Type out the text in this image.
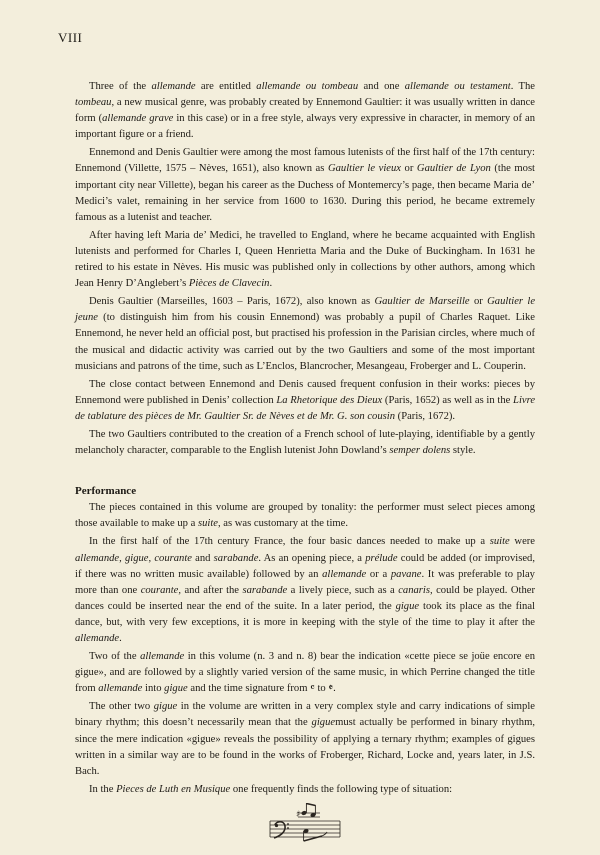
VIII

Three of the allemande are entitled allemande ou tombeau and one allemande ou testament. The tombeau, a new musical genre, was probably created by Ennemond Gaultier: it was usually written in dance form (allemande grave in this case) or in a free style, always very expressive in character, in memory of an important figure or a friend.

Ennemond and Denis Gaultier were among the most famous lutenists of the first half of the 17th century: Ennemond (Villette, 1575 – Nèves, 1651), also known as Gaultier le vieux or Gaultier de Lyon (the most important city near Villette), began his career as the Duchess of Montemercy’s page, then became Maria de’ Medici’s valet, remaining in her service from 1600 to 1630. During this period, he became extremely famous as a lutenist and teacher.

After having left Maria de’ Medici, he travelled to England, where he became acquainted with English lutenists and performed for Charles I, Queen Henrietta Maria and the Duke of Buckingham. In 1631 he retired to his estate in Nèves. His music was published only in collections by other authors, among which Jean Henry D’Anglebert’s Pièces de Clavecin.

Denis Gaultier (Marseilles, 1603 – Paris, 1672), also known as Gaultier de Marseille or Gaultier le jeune (to distinguish him from his cousin Ennemond) was probably a pupil of Charles Raquet. Like Ennemond, he never held an official post, but practised his profession in the Parisian circles, where much of the musical and didactic activity was carried out by the two Gaultiers and some of the most important musicians and patrons of the time, such as L’Enclos, Blancrocher, Mesangeau, Froberger and L. Couperin.

The close contact between Ennemond and Denis caused frequent confusion in their works: pieces by Ennemond were published in Denis’ collection La Rhetorique des Dieux (Paris, 1652) as well as in the Livre de tablature des pièces de Mr. Gaultier Sr. de Nèves et de Mr. G. son cousin (Paris, 1672).

The two Gaultiers contributed to the creation of a French school of lute-playing, identifiable by a gently melancholy character, comparable to the English lutenist John Dowland’s semper dolens style.

Performance

The pieces contained in this volume are grouped by tonality: the performer must select pieces among those available to make up a suite, as was customary at the time.

In the first half of the 17th century France, the four basic dances needed to make up a suite were allemande, gigue, courante and sarabande. As an opening piece, a prélude could be added (or improvised, if there was no written music available) followed by an allemande or a pavane. It was preferable to play more than one courante, and after the sarabande a lively piece, such as a canaris, could be played. Other dances could be inserted near the end of the suite. In a later period, the gigue took its place as the final dance, but, with very few exceptions, it is more in keeping with the style of the time to play it after the allemande.

Two of the allemande in this volume (n. 3 and n. 8) bear the indication «cette piece se joüe encore en gigue», and are followed by a slightly varied version of the same music, in which Perrine changed the title from allemande into gigue and the time signature from 𝄴 to 𝄵.

The other two gigue in the volume are written in a very complex style and carry indications of simple binary rhythm; this doesn’t necessarily mean that the giguemust actually be performed in binary rhythm, since the mere indication «gigue» reveals the possibility of applying a ternary rhythm; examples of gigues written in a similar way are to be found in the works of Froberger, Richard, Locke and, years later, in J.S. Bach.

In the Pieces de Luth en Musique one frequently finds the following type of situation:

♯
